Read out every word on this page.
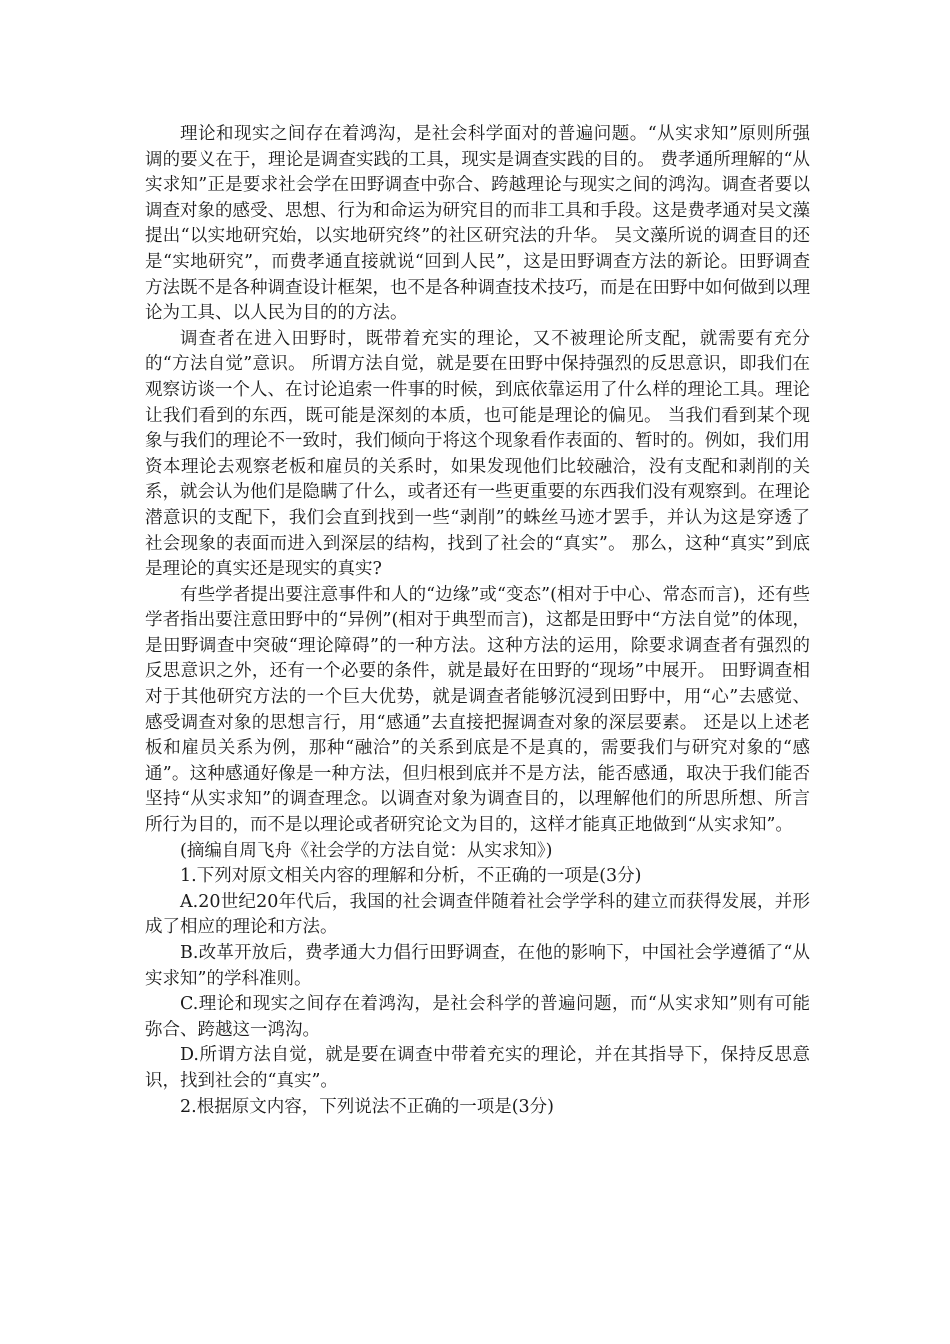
理论和现实之间存在着鸿沟，是社会科学面对的普遍问题。“从实求知”原则所强调的要义在于，理论是调查实践的工具，现实是调查实践的目的。 费孝通所理解的“从实求知”正是要求社会学在田野调查中弥合、跨越理论与现实之间的鸿沟。调查者要以调查对象的感受、思想、行为和命运为研究目的而非工具和手段。这是费孝通对吴文藻提出“以实地研究始，以实地研究终”的社区研究法的升华。 吴文藻所说的调查目的还是“实地研究”，而费孝通直接就说“回到人民”，这是田野调查方法的新论。田野调查方法既不是各种调查设计框架，也不是各种调查技术技巧，而是在田野中如何做到以理论为工具、以人民为目的的方法。

调查者在进入田野时，既带着充实的理论，又不被理论所支配，就需要有充分的“方法自觉”意识。 所谓方法自觉，就是要在田野中保持强烈的反思意识，即我们在观察访谈一个人、在讨论追索一件事的时候，到底依靠运用了什么样的理论工具。理论让我们看到的东西，既可能是深刻的本质，也可能是理论的偏见。 当我们看到某个现象与我们的理论不一致时，我们倾向于将这个现象看作表面的、暂时的。例如，我们用资本理论去观察老板和雇员的关系时，如果发现他们比较融洽，没有支配和剥削的关系，就会认为他们是隐瞒了什么，或者还有一些更重要的东西我们没有观察到。在理论潜意识的支配下，我们会直到找到一些“剥削”的蛛丝马迹才罢手，并认为这是穿透了社会现象的表面而进入到深层的结构，找到了社会的“真实”。 那么，这种“真实”到底是理论的真实还是现实的真实?

有些学者提出要注意事件和人的“边缘”或“变态”(相对于中心、常态而言)，还有些学者指出要注意田野中的“异例”(相对于典型而言)，这都是田野中“方法自觉”的体现，是田野调查中突破“理论障碍”的一种方法。这种方法的运用，除要求调查者有强烈的反思意识之外，还有一个必要的条件，就是最好在田野的“现场”中展开。 田野调查相对于其他研究方法的一个巨大优势，就是调查者能够沉浸到田野中，用“心”去感觉、感受调查对象的思想言行，用“感通”去直接把握调查对象的深层要素。 还是以上述老板和雇员关系为例，那种“融洽”的关系到底是不是真的，需要我们与研究对象的“感通”。这种感通好像是一种方法，但归根到底并不是方法，能否感通，取决于我们能否坚持“从实求知”的调查理念。以调查对象为调查目的，以理解他们的所思所想、所言所行为目的，而不是以理论或者研究论文为目的，这样才能真正地做到“从实求知”。

(摘编自周飞舟《社会学的方法自觉：从实求知》)

1.下列对原文相关内容的理解和分析，不正确的一项是(3分)

A.20世纪20年代后，我国的社会调查伴随着社会学学科的建立而获得发展，并形成了相应的理论和方法。

B.改革开放后，费孝通大力倡行田野调查，在他的影响下，中国社会学遵循了“从实求知”的学科准则。

C.理论和现实之间存在着鸿沟，是社会科学的普遍问题，而“从实求知”则有可能弥合、跨越这一鸿沟。

D.所谓方法自觉，就是要在调查中带着充实的理论，并在其指导下，保持反思意识，找到社会的“真实”。

2.根据原文内容，下列说法不正确的一项是(3分)
